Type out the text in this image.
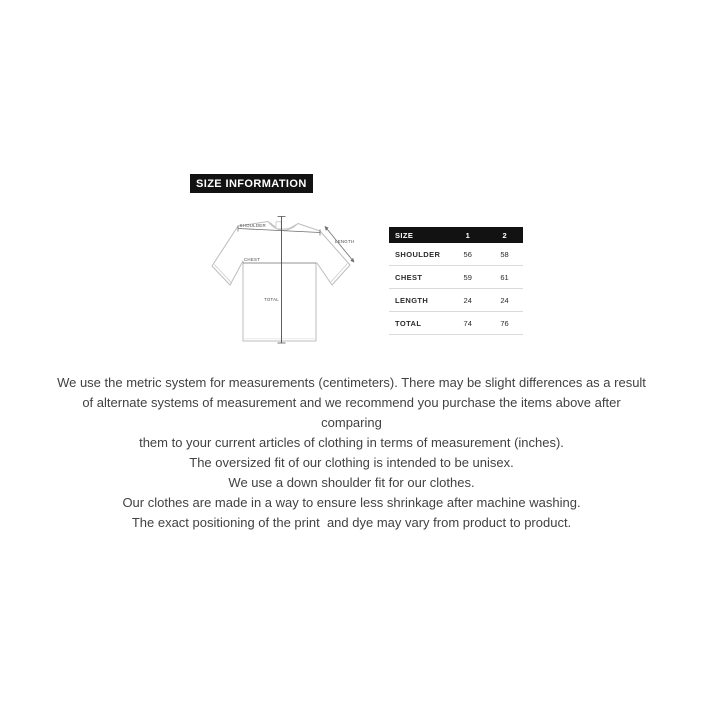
SIZE INFORMATION
SHOULDER
LENGTH
CHEST
TOTAL
SIZE	1	2
SHOULDER	56	58
CHEST	59	61
LENGTH	24	24
TOTAL	74	76
We use the metric system for measurements (centimeters). There may be slight differences as a result
of alternate systems of measurement and we recommend you purchase the items above after
comparing
them to your current articles of clothing in terms of measurement (inches).
The oversized fit of our clothing is intended to be unisex.
We use a down shoulder fit for our clothes.
Our clothes are made in a way to ensure less shrinkage after machine washing.
The exact positioning of the print  and dye may vary from product to product.
